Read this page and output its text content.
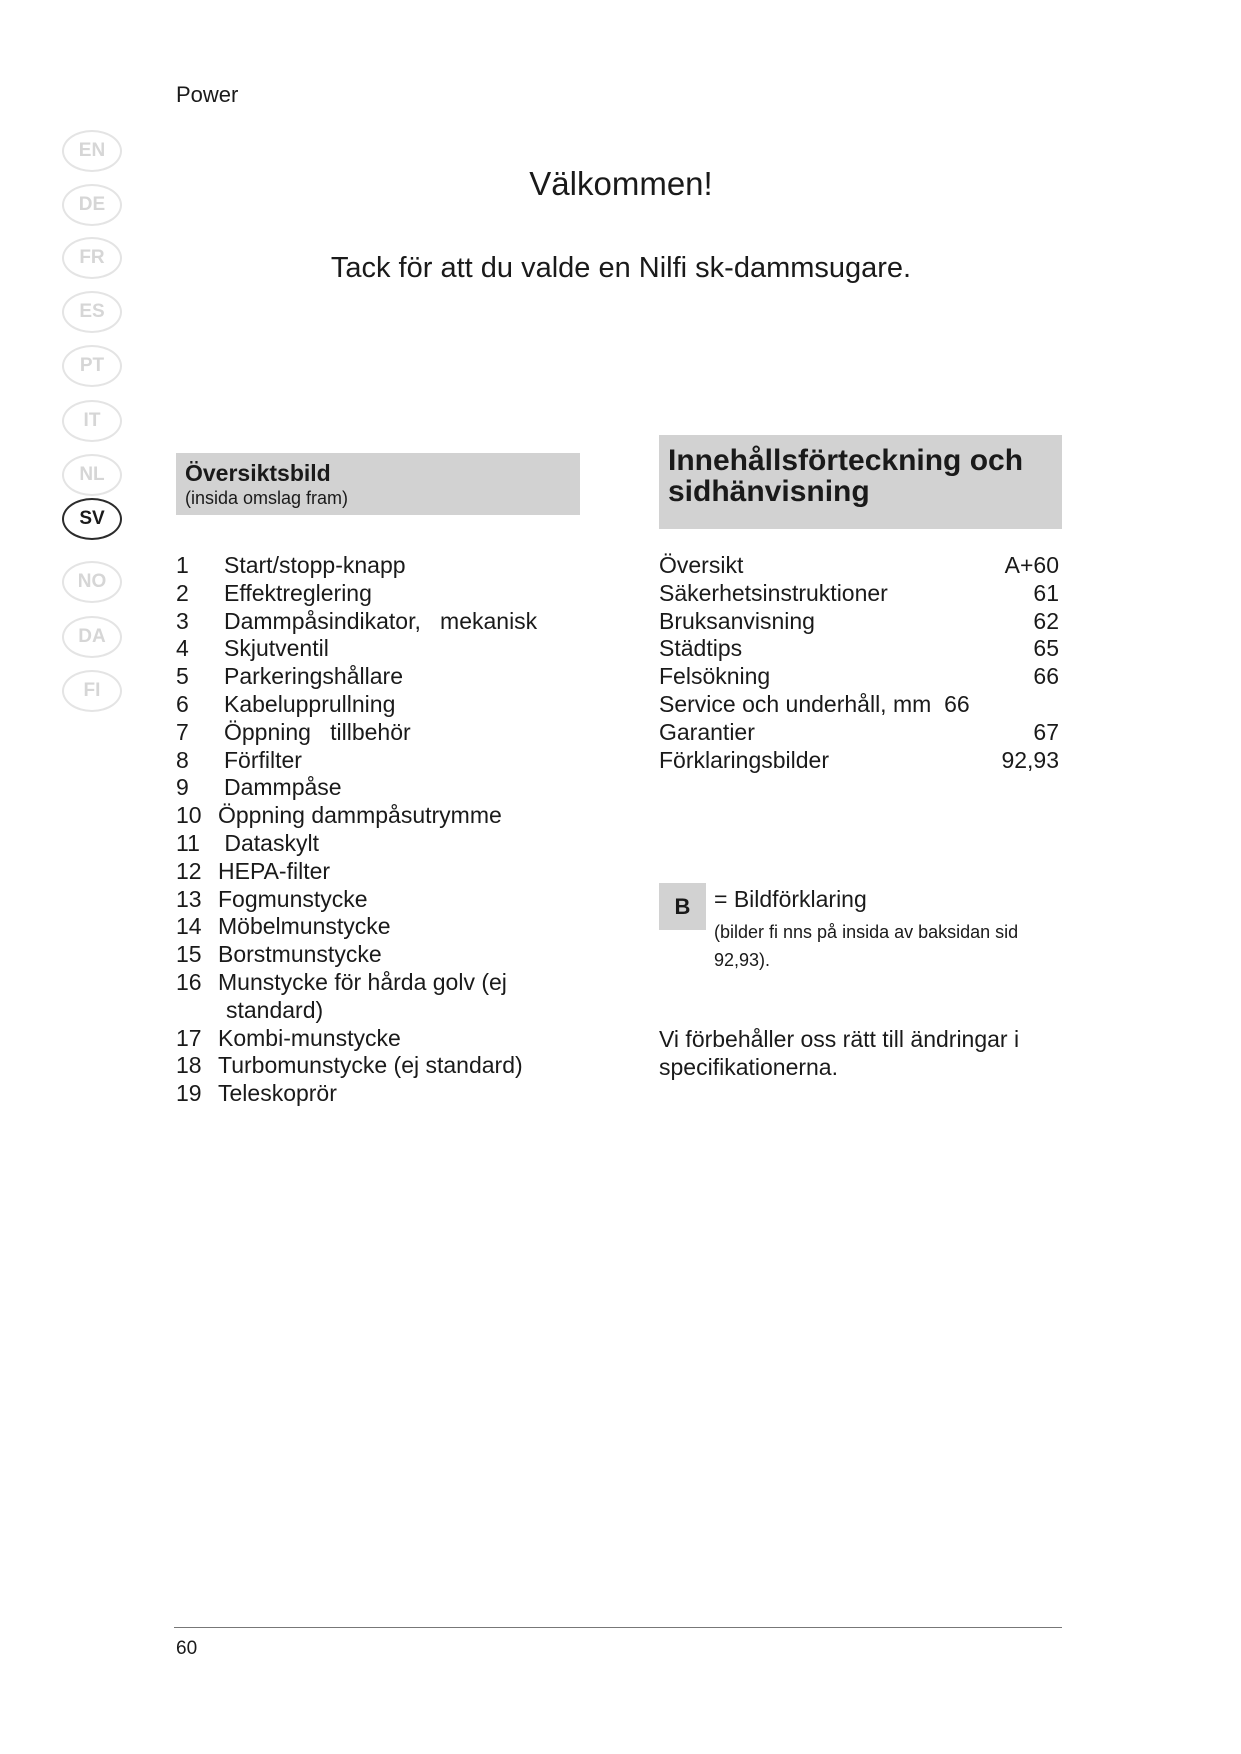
Power
EN
DE
FR
ES
PT
IT
NL
SV
NO
DA
FI
Välkommen!
Tack för att du valde en Nilfi sk-dammsugare.
Översiktsbild
(insida omslag fram)
Innehållsförteckning och sidhänvisning
1 Start/stopp-knapp
2 Effektreglering
3 Dammpåsindikator,   mekanisk
4 Skjutventil
5 Parkeringshållare
6 Kabelupprullning
7 Öppning   tillbehör
8 Förfilter
9 Dammpåse
10 Öppning dammpåsutrymme
11 Dataskylt
12 HEPA-filter
13 Fogmunstycke
14 Möbelmunstycke
15 Borstmunstycke
16 Munstycke för hårda golv (ej
standard)
17 Kombi-munstycke
18 Turbomunstycke (ej standard)
19 Teleskoprör
Översikt	A+60
Säkerhetsinstruktioner	61
Bruksanvisning	62
Städtips	65
Felsökning	66
Service och underhåll, mm  66
Garantier	67
Förklaringsbilder	92,93
B	= Bildförklaring
(bilder fi nns på insida av baksidan sid 92,93).
Vi förbehåller oss rätt till ändringar i specifikationerna.
60
